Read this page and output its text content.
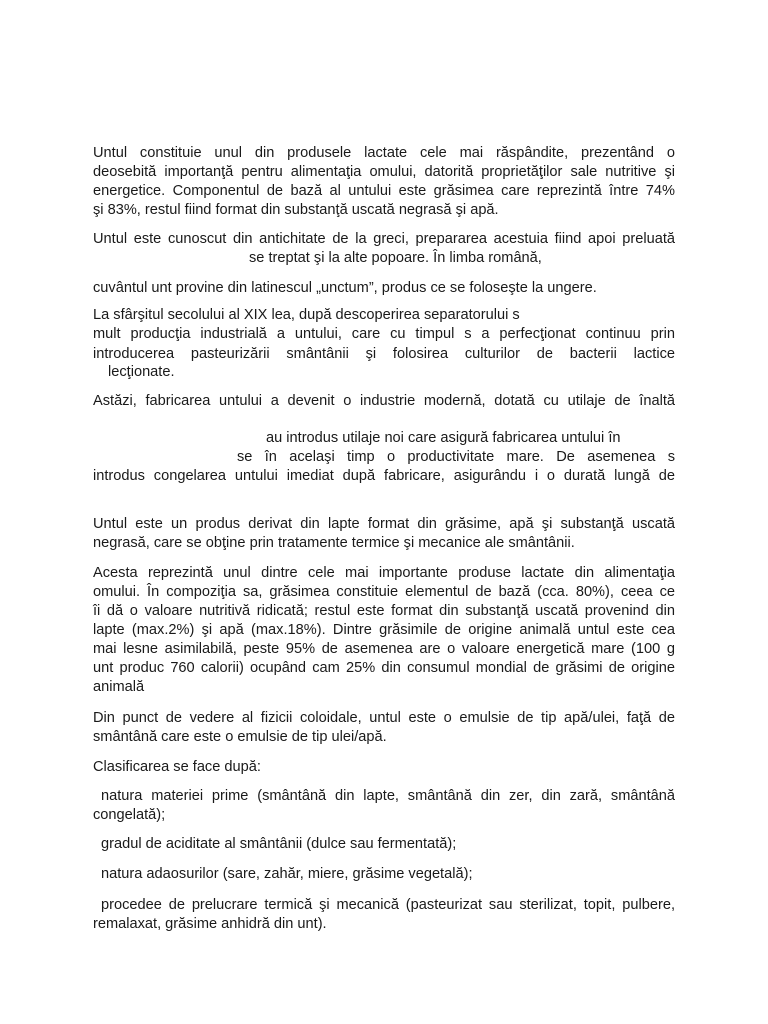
Untul constituie unul din produsele lactate cele mai răspândite, prezentând o
deosebită importanţă pentru alimentaţia omului, datorită proprietăţilor sale nutritive şi
energetice. Componentul de bază al untului este grăsimea care reprezintă între 74%
şi 83%, restul fiind format din substanţă uscată negrasă şi apă.
Untul este cunoscut din antichitate de la greci, prepararea acestuia fiind apoi preluată
se treptat şi la alte popoare. În limba română,
cuvântul unt provine din latinescul „unctum”, produs ce se foloseşte la ungere.
La sfârşitul secolului al XIX lea, după descoperirea separatorului s
mult producţia industrială a untului, care cu timpul s a perfecţionat continuu prin
introducerea pasteurizării smântânii şi folosirea culturilor de bacterii lactice
lecţionate.
Astăzi, fabricarea untului a devenit o industrie modernă, dotată cu utilaje de înaltă
au introdus utilaje noi care asigură fabricarea untului în
se în acelaşi timp o productivitate mare. De asemenea s
introdus congelarea untului imediat după fabricare, asigurându i o durată lungă de
Untul este un produs derivat din lapte format din grăsime, apă şi substanţă uscată
negrasă, care se obţine prin tratamente termice şi mecanice ale smântânii.
Acesta reprezintă unul dintre cele mai importante produse lactate din alimentaţia
omului. În compoziţia sa, grăsimea constituie elementul de bază (cca. 80%), ceea ce
îi dă o valoare nutritivă ridicată; restul este format din substanţă uscată provenind din
lapte (max.2%) şi apă (max.18%). Dintre grăsimile de origine animală untul este cea
mai lesne asimilabilă, peste 95% de asemenea are o valoare energetică mare (100 g
unt produc 760 calorii) ocupând cam 25% din consumul mondial de grăsimi de origine
animală
Din punct de vedere al fizicii coloidale, untul este o emulsie de tip apă/ulei, faţă de
smântână care este o emulsie de tip ulei/apă.
Clasificarea se face după:
natura materiei prime (smântână din lapte, smântână din zer, din zară, smântână
congelată);
gradul de aciditate al smântânii (dulce sau fermentată);
natura adaosurilor (sare, zahăr, miere, grăsime vegetală);
procedee de prelucrare termică şi mecanică (pasteurizat sau sterilizat, topit, pulbere,
remalaxat, grăsime anhidră din unt).
